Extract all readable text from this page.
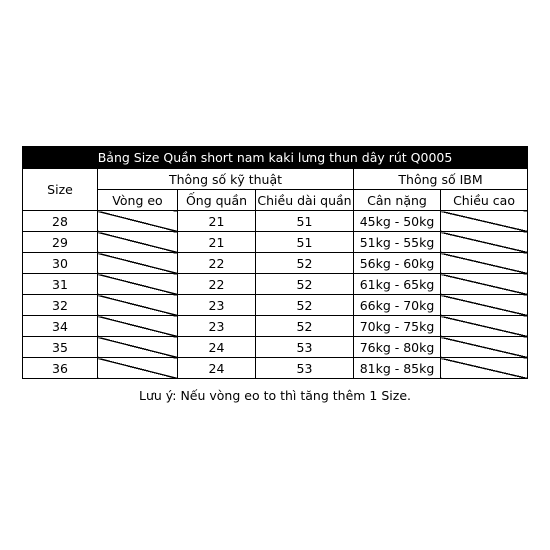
Bảng Size Quần short nam kaki lưng thun dây rút Q0005					
Size	Thông số kỹ thuật			Thông số IBM	
	Vòng eo	Ống quần	Chiều dài quần	Cân nặng	Chiều cao
28		21	51	45kg - 50kg	
29		21	51	51kg - 55kg	
30		22	52	56kg - 60kg	
31		22	52	61kg - 65kg	
32		23	52	66kg - 70kg	
34		23	52	70kg - 75kg	
35		24	53	76kg - 80kg	
36		24	53	81kg - 85kg	
Lưu ý: Nếu vòng eo to thì tăng thêm 1 Size.
